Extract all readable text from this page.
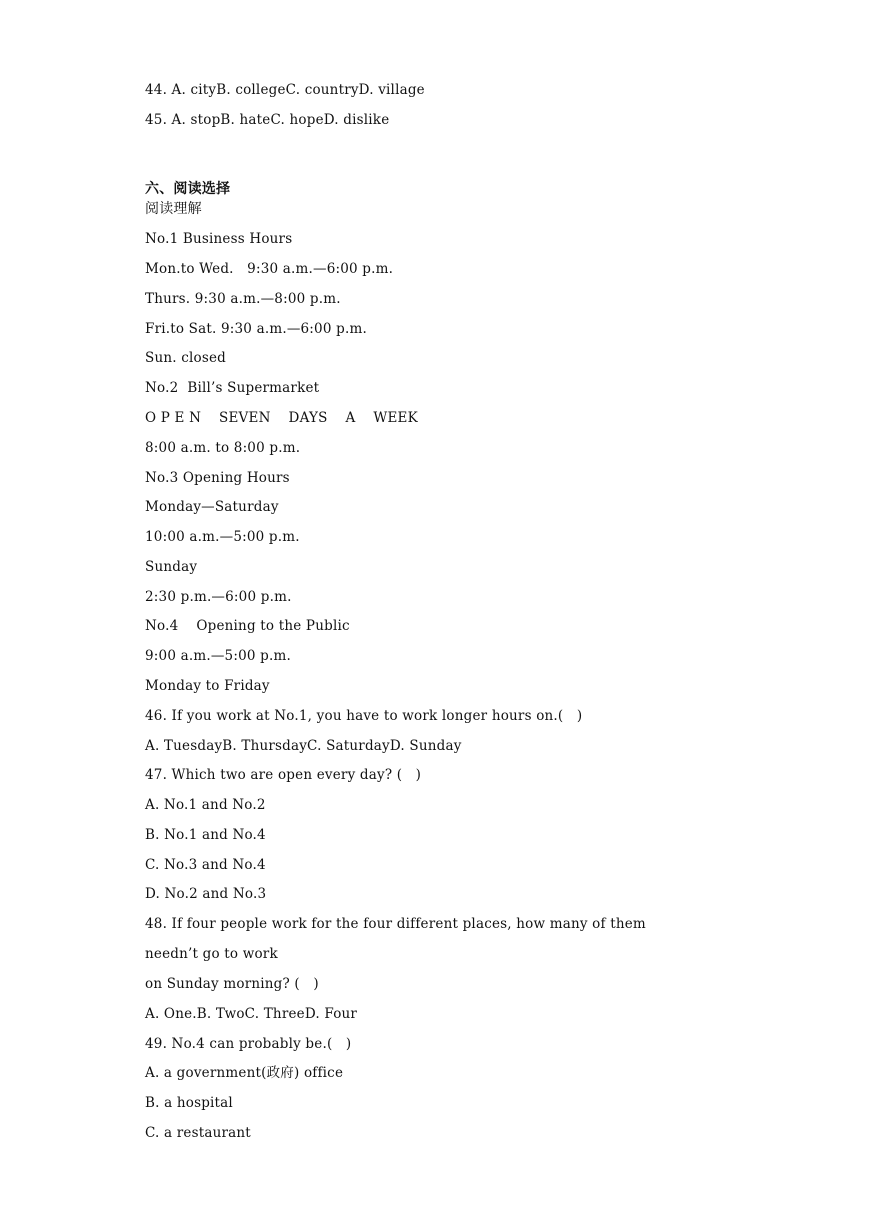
44. A. cityB. collegeC. countryD. village
45. A. stopB. hateC. hopeD. dislike
六、阅读选择
阅读理解
No.1 Business Hours
Mon.to Wed.   9:30 a.m.—6:00 p.m.
Thurs. 9:30 a.m.—8:00 p.m.
Fri.to Sat. 9:30 a.m.—6:00 p.m.
Sun. closed
No.2  Bill’s Supermarket
O P E N    SEVEN    DAYS    A    WEEK
8:00 a.m. to 8:00 p.m.
No.3 Opening Hours
Monday—Saturday
10:00 a.m.—5:00 p.m.
Sunday
2:30 p.m.—6:00 p.m.
No.4    Opening to the Public
9:00 a.m.—5:00 p.m.
Monday to Friday
46. If you work at No.1, you have to work longer hours on.(   )
A. TuesdayB. ThursdayC. SaturdayD. Sunday
47. Which two are open every day? (   )
A. No.1 and No.2
B. No.1 and No.4
C. No.3 and No.4
D. No.2 and No.3
48. If four people work for the four different places, how many of them
needn’t go to work
on Sunday morning? (   )
A. One.B. TwoC. ThreeD. Four
49. No.4 can probably be.(   )
A. a government(政府) office
B. a hospital
C. a restaurant
